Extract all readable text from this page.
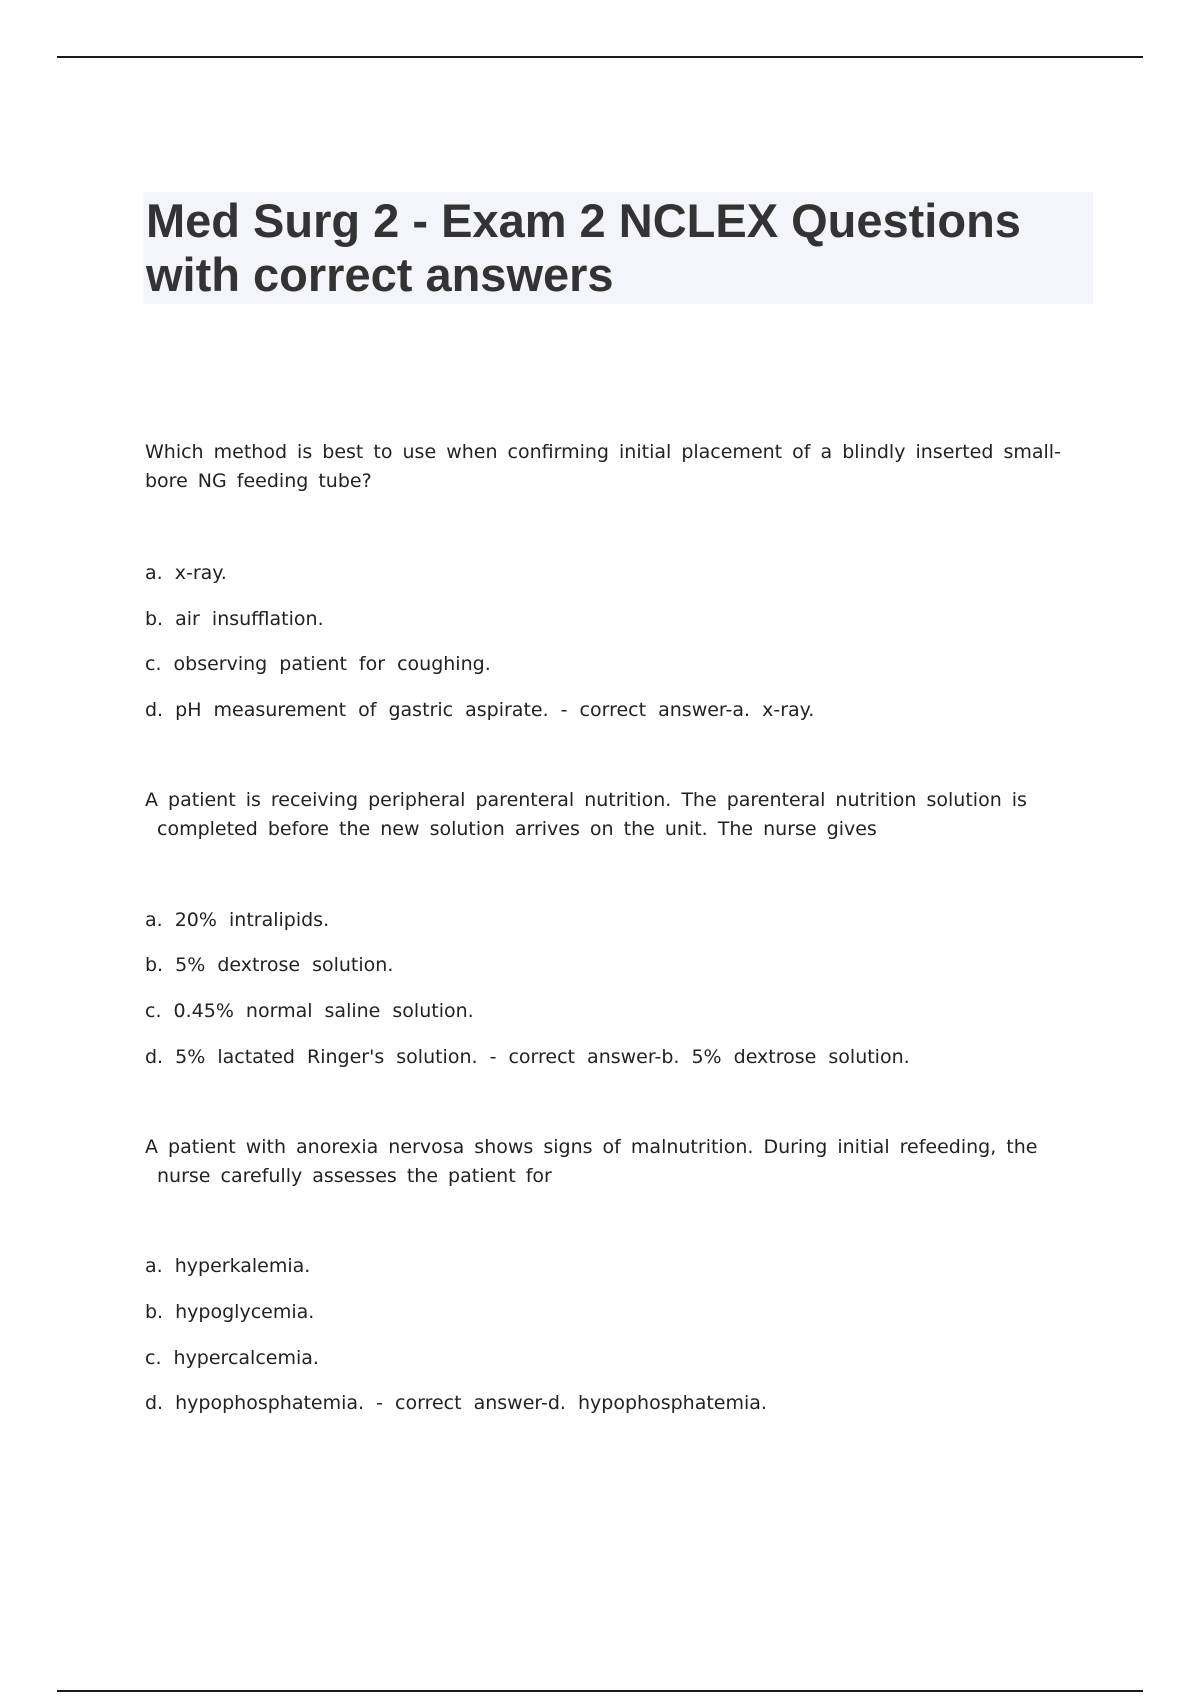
Med Surg 2 - Exam 2 NCLEX Questions with correct answers

Which method is best to use when confirming initial placement of a blindly inserted small-
bore NG feeding tube?

a. x-ray.

b. air insufflation.

c. observing patient for coughing.

d. pH measurement of gastric aspirate. - correct answer-a. x-ray.

A patient is receiving peripheral parenteral nutrition. The parenteral nutrition solution is
completed before the new solution arrives on the unit. The nurse gives

a. 20% intralipids.

b. 5% dextrose solution.

c. 0.45% normal saline solution.

d. 5% lactated Ringer's solution. - correct answer-b. 5% dextrose solution.

A patient with anorexia nervosa shows signs of malnutrition. During initial refeeding, the
nurse carefully assesses the patient for

a. hyperkalemia.

b. hypoglycemia.

c. hypercalcemia.

d. hypophosphatemia. - correct answer-d. hypophosphatemia.
